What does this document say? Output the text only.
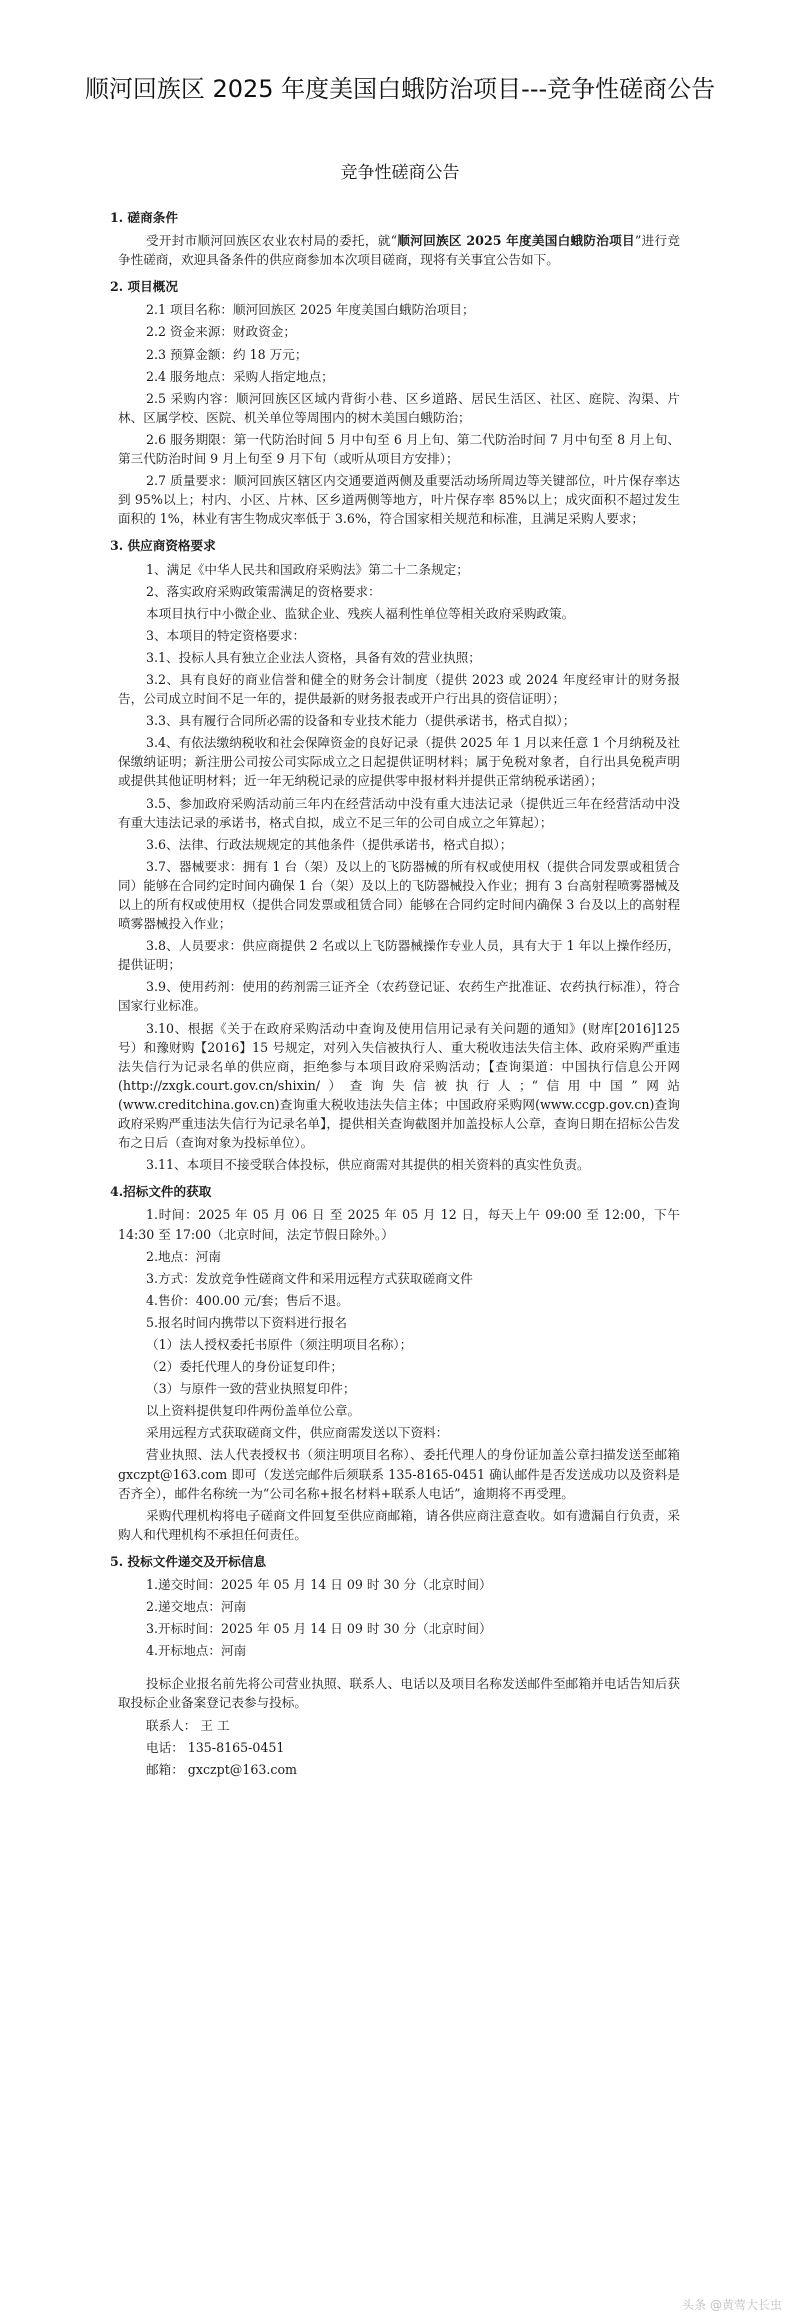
顺河回族区 2025 年度美国白蛾防治项目---竞争性磋商公告
竞争性磋商公告
1. 磋商条件
受开封市顺河回族区农业农村局的委托，就“顺河回族区 2025 年度美国白蛾防治项目”进行竞争性磋商，欢迎具备条件的供应商参加本次项目磋商，现将有关事宜公告如下。
2. 项目概况
2.1 项目名称：顺河回族区 2025 年度美国白蛾防治项目；
2.2 资金来源：财政资金；
2.3 预算金额：约 18 万元；
2.4 服务地点：采购人指定地点；
2.5 采购内容：顺河回族区区域内背街小巷、区乡道路、居民生活区、社区、庭院、沟渠、片林、区属学校、医院、机关单位等周围内的树木美国白蛾防治；
2.6 服务期限：第一代防治时间 5 月中旬至 6 月上旬、第二代防治时间 7 月中旬至 8 月上旬、第三代防治时间 9 月上旬至 9 月下旬（或听从项目方安排）；
2.7 质量要求：顺河回族区辖区内交通要道两侧及重要活动场所周边等关键部位，叶片保存率达到 95%以上；村内、小区、片林、区乡道两侧等地方，叶片保存率 85%以上；成灾面积不超过发生面积的 1%，林业有害生物成灾率低于 3.6%，符合国家相关规范和标准，且满足采购人要求；
3. 供应商资格要求
1、满足《中华人民共和国政府采购法》第二十二条规定；
2、落实政府采购政策需满足的资格要求：
本项目执行中小微企业、监狱企业、残疾人福利性单位等相关政府采购政策。
3、本项目的特定资格要求：
3.1、投标人具有独立企业法人资格，具备有效的营业执照；
3.2、具有良好的商业信誉和健全的财务会计制度（提供 2023 或 2024 年度经审计的财务报告，公司成立时间不足一年的，提供最新的财务报表或开户行出具的资信证明）；
3.3、具有履行合同所必需的设备和专业技术能力（提供承诺书，格式自拟）；
3.4、有依法缴纳税收和社会保障资金的良好记录（提供 2025 年 1 月以来任意 1 个月纳税及社保缴纳证明；新注册公司按公司实际成立之日起提供证明材料；属于免税对象者，自行出具免税声明或提供其他证明材料；近一年无纳税记录的应提供零申报材料并提供正常纳税承诺函）；
3.5、参加政府采购活动前三年内在经营活动中没有重大违法记录（提供近三年在经营活动中没有重大违法记录的承诺书，格式自拟，成立不足三年的公司自成立之年算起）；
3.6、法律、行政法规规定的其他条件（提供承诺书，格式自拟）；
3.7、器械要求：拥有 1 台（架）及以上的飞防器械的所有权或使用权（提供合同发票或租赁合同）能够在合同约定时间内确保 1 台（架）及以上的飞防器械投入作业；拥有 3 台高射程喷雾器械及以上的所有权或使用权（提供合同发票或租赁合同）能够在合同约定时间内确保 3 台及以上的高射程喷雾器械投入作业；
3.8、人员要求：供应商提供 2 名或以上飞防器械操作专业人员，具有大于 1 年以上操作经历，提供证明；
3.9、使用药剂：使用的药剂需三证齐全（农药登记证、农药生产批准证、农药执行标准），符合国家行业标准。
3.10、根据《关于在政府采购活动中查询及使用信用记录有关问题的通知》(财库[2016]125 号）和豫财购【2016】15 号规定，对列入失信被执行人、重大税收违法失信主体、政府采购严重违法失信行为记录名单的供应商，拒绝参与本项目政府采购活动；【查询渠道：中国执行信息公开网(http://zxgk.court.gov.cn/shixin/）查询失信被执行人；“信用中国”网站(www.creditchina.gov.cn)查询重大税收违法失信主体；中国政府采购网(www.ccgp.gov.cn)查询政府采购严重违法失信行为记录名单】，提供相关查询截图并加盖投标人公章，查询日期在招标公告发布之日后（查询对象为投标单位）。
3.11、本项目不接受联合体投标，供应商需对其提供的相关资料的真实性负责。
4.招标文件的获取
1.时间：2025 年 05 月 06 日 至 2025 年 05 月 12 日，每天上午 09:00 至 12:00，下午 14:30 至 17:00（北京时间，法定节假日除外。）
2.地点：河南
3.方式：发放竞争性磋商文件和采用远程方式获取磋商文件
4.售价：400.00 元/套；售后不退。
5.报名时间内携带以下资料进行报名
（1）法人授权委托书原件（须注明项目名称）；
（2）委托代理人的身份证复印件；
（3）与原件一致的营业执照复印件；
以上资料提供复印件两份盖单位公章。
采用远程方式获取磋商文件，供应商需发送以下资料：
营业执照、法人代表授权书（须注明项目名称）、委托代理人的身份证加盖公章扫描发送至邮箱 gxczpt@163.com 即可（发送完邮件后须联系 135-8165-0451 确认邮件是否发送成功以及资料是否齐全），邮件名称统一为“公司名称+报名材料+联系人电话”，逾期将不再受理。
采购代理机构将电子磋商文件回复至供应商邮箱，请各供应商注意查收。如有遗漏自行负责，采购人和代理机构不承担任何责任。
5. 投标文件递交及开标信息
1.递交时间：2025 年 05 月 14 日 09 时 30 分（北京时间）
2.递交地点：河南
3.开标时间：2025 年 05 月 14 日 09 时 30 分（北京时间）
4.开标地点：河南
投标企业报名前先将公司营业执照、联系人、电话以及项目名称发送邮件至邮箱并电话告知后获取投标企业备案登记表参与投标。
联系人： 王 工
电话： 135-8165-0451
邮箱： gxczpt@163.com
头条 @黄莺大长虫
